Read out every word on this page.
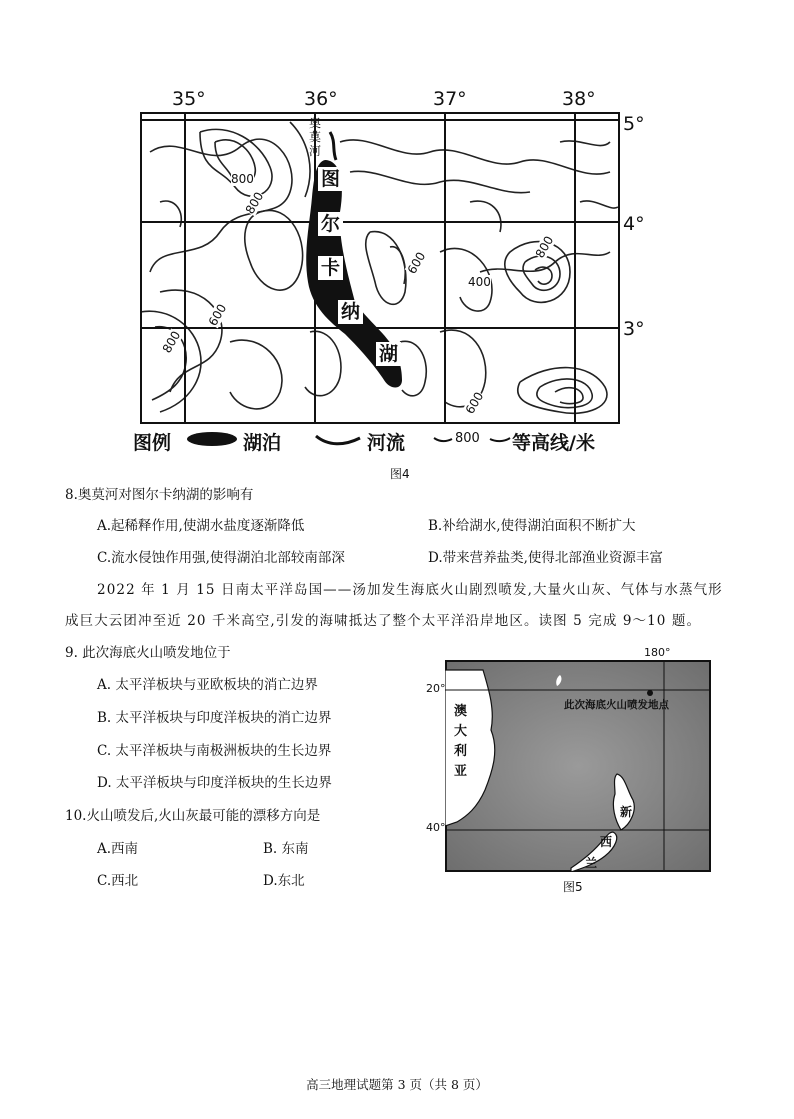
35°	36°	37°	38°
5°
4°
3°
奥莫河
图
尔
卡
纳
湖
800
800
600
600
400
800
800
600
图例	湖泊	河流	800 等高线/米
图4
8.奥莫河对图尔卡纳湖的影响有
A.起稀释作用,使湖水盐度逐渐降低	B.补给湖水,使得湖泊面积不断扩大
C.流水侵蚀作用强,使得湖泊北部较南部深	D.带来营养盐类,使得北部渔业资源丰富
2022 年 1 月 15 日南太平洋岛国——汤加发生海底火山剧烈喷发,大量火山灰、气体与水蒸气形
成巨大云团冲至近 20 千米高空,引发的海啸抵达了整个太平洋沿岸地区。读图 5 完成 9～10 题。
9. 此次海底火山喷发地位于
A. 太平洋板块与亚欧板块的消亡边界
B. 太平洋板块与印度洋板块的消亡边界
C. 太平洋板块与南极洲板块的生长边界
D. 太平洋板块与印度洋板块的生长边界
10.火山喷发后,火山灰最可能的漂移方向是
A.西南	B. 东南
C.西北	D.东北
180°
20°
40°
澳
大
利
亚
此次海底火山喷发地点
新
西
兰
图5
高三地理试题第 3 页（共 8 页）
